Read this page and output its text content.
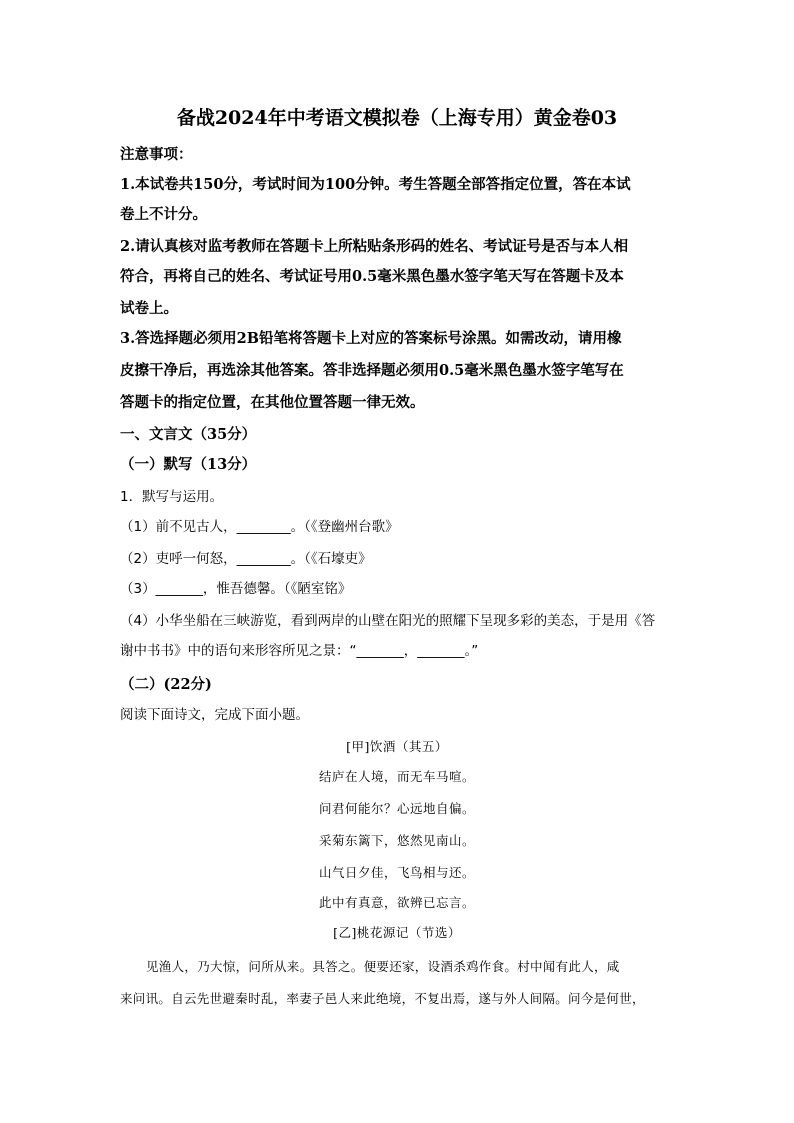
备战2024年中考语文模拟卷（上海专用）黄金卷03
注意事项：
1.本试卷共150分，考试时间为100分钟。考生答题全部答指定位置，答在本试
卷上不计分。
2.请认真核对监考教师在答题卡上所粘贴条形码的姓名、考试证号是否与本人相
符合，再将自己的姓名、考试证号用0.5毫米黑色墨水签字笔天写在答题卡及本
试卷上。
3.答选择题必须用2B铅笔将答题卡上对应的答案标号涂黑。如需改动，请用橡
皮擦干净后，再选涂其他答案。答非选择题必须用0.5毫米黑色墨水签字笔写在
答题卡的指定位置，在其他位置答题一律无效。
一、文言文（35分）
（一）默写（13分）
1．默写与运用。
（1）前不见古人，________。（《登幽州台歌》
（2）吏呼一何怒，________。（《石壕吏》
（3）_______，惟吾德馨。（《陋室铭》
（4）小华坐船在三峡游览，看到两岸的山壁在阳光的照耀下呈现多彩的美态，于是用《答
谢中书书》中的语句来形容所见之景：“_______，_______。”
（二）(22分)
阅读下面诗文，完成下面小题。
[甲]饮酒（其五）
结庐在人境，而无车马喧。
问君何能尔？心远地自偏。
采菊东篱下，悠然见南山。
山气日夕佳，飞鸟相与还。
此中有真意，欲辨已忘言。
[乙]桃花源记（节选）
见渔人，乃大惊，问所从来。具答之。便要还家，设酒杀鸡作食。村中闻有此人，咸
来问讯。自云先世避秦时乱，率妻子邑人来此绝境，不复出焉，遂与外人间隔。问今是何世，
